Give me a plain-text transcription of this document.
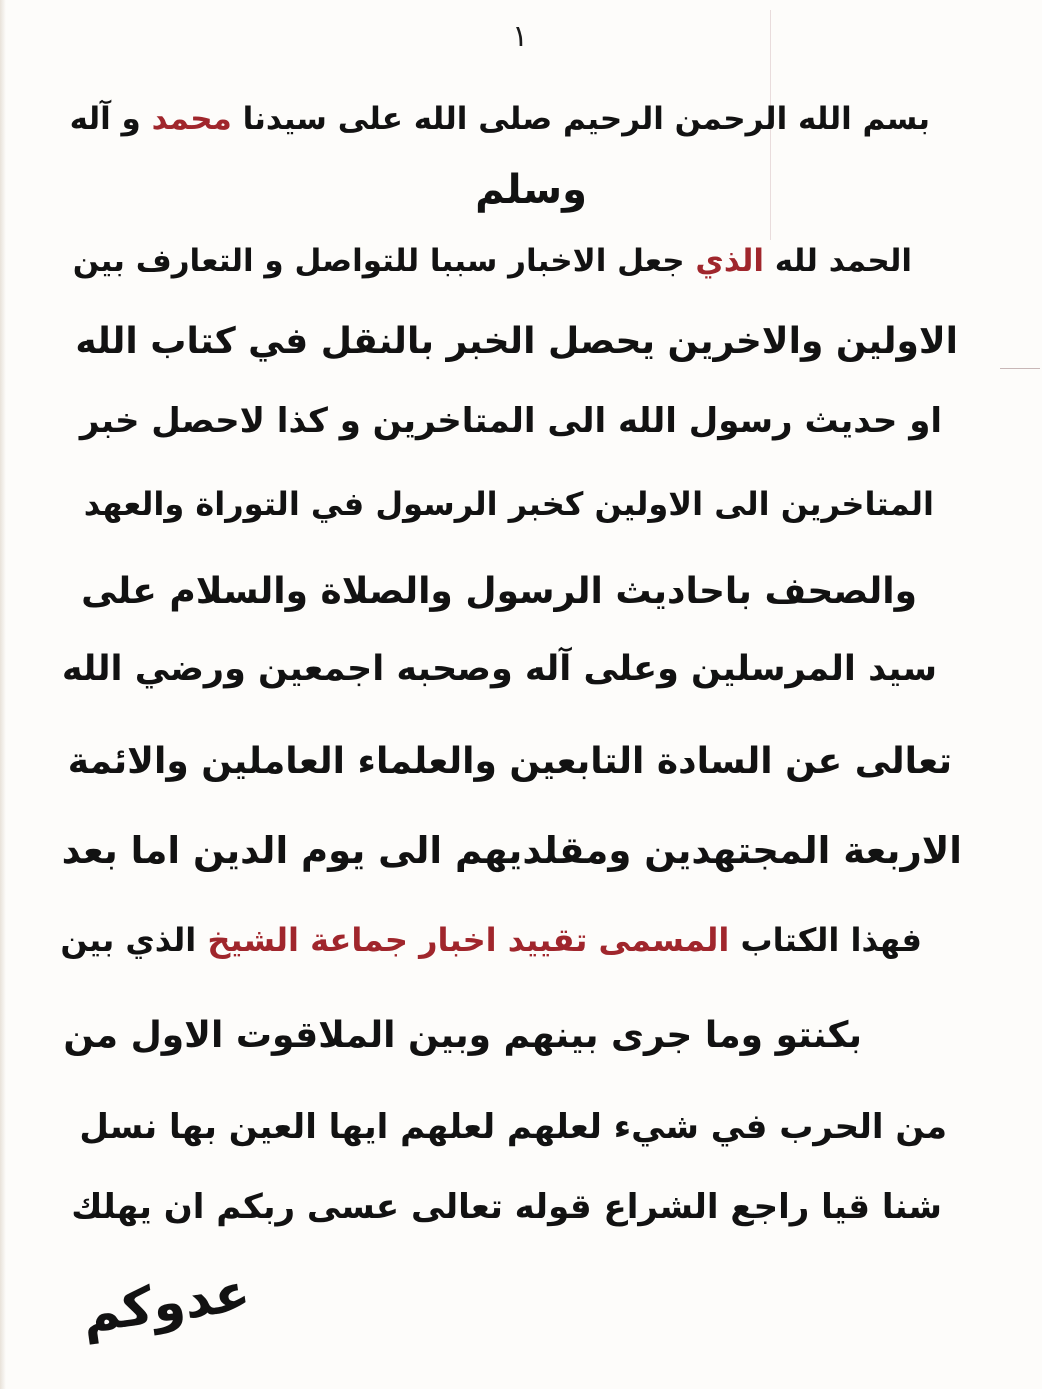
١
بسم الله الرحمن الرحيم صلى الله على سيدنا محمد و آله
وسلم
الحمد لله الذي جعل الاخبار سببا للتواصل و التعارف بين
الاولين والاخرين يحصل الخبر بالنقل في كتاب الله
او حديث رسول الله الى المتاخرين و كذا لاحصل خبر
المتاخرين الى الاولين كخبر الرسول في التوراة والعهد
والصحف باحاديث الرسول والصلاة والسلام على
سيد المرسلين وعلى آله وصحبه اجمعين ورضي الله
تعالى عن السادة التابعين والعلماء العاملين والائمة
الاربعة المجتهدين ومقلديهم الى يوم الدين اما بعد
فهذا الكتاب المسمى تقييد اخبار جماعة الشيخ الذي بين
بكنتو وما جرى بينهم وبين الملاقوت الاول من
من الحرب في شيء لعلهم لعلهم ايها العين بها نسل
شنا قيا راجع الشراع قوله تعالى عسى ربكم ان يهلك
عدوكم
